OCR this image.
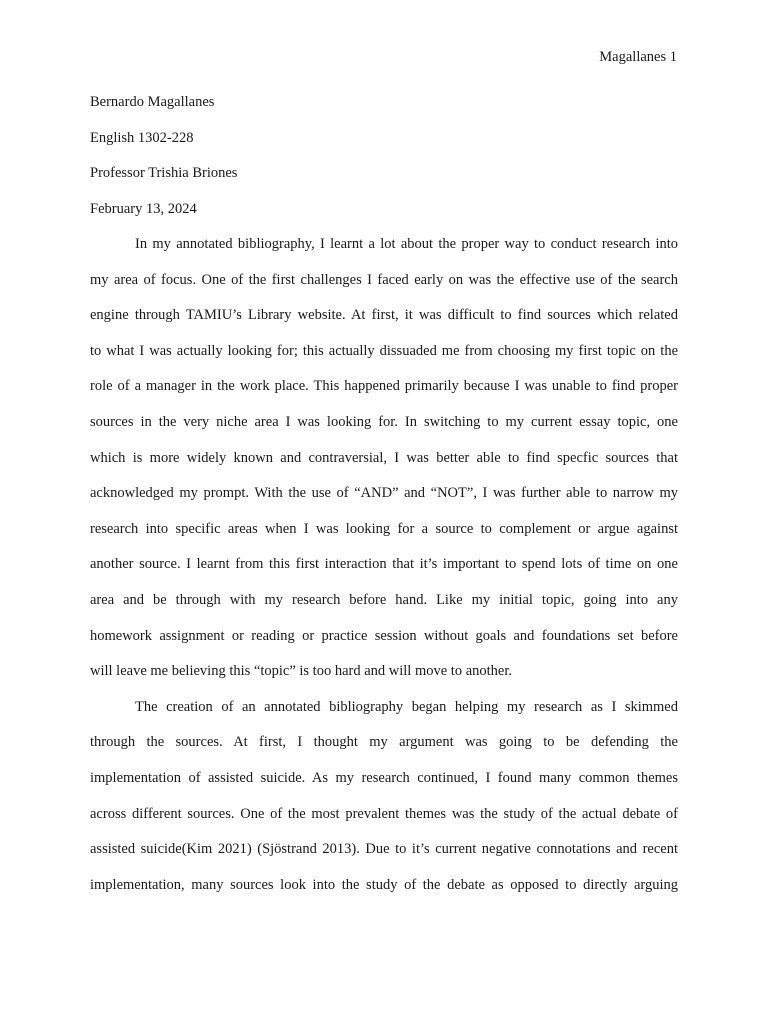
Magallanes 1
Bernardo Magallanes
English 1302-228
Professor Trishia Briones
February 13, 2024
In my annotated bibliography, I learnt a lot about the proper way to conduct research into
my area of focus. One of the first challenges I faced early on was the effective use of the search
engine through TAMIU’s Library website. At first, it was difficult to find sources which related
to what I was actually looking for; this actually dissuaded me from choosing my first topic on the
role of a manager in the work place. This happened primarily because I was unable to find proper
sources in the very niche area I was looking for. In switching to my current essay topic, one
which is more widely known and contraversial, I was better able to find specfic sources that
acknowledged my prompt. With the use of “AND” and “NOT”, I was further able to narrow my
research into specific areas when I was looking for a source to complement or argue against
another source. I learnt from this first interaction that it’s important to spend lots of time on one
area and be through with my research before hand. Like my initial topic, going into any
homework assignment or reading or practice session without goals and foundations set before
will leave me believing this “topic” is too hard and will move to another.
The creation of an annotated bibliography began helping my research as I skimmed
through the sources. At first, I thought my argument was going to be defending the
implementation of assisted suicide. As my research continued, I found many common themes
across different sources. One of the most prevalent themes was the study of the actual debate of
assisted suicide(Kim 2021) (Sjöstrand 2013). Due to it’s current negative connotations and recent
implementation, many sources look into the study of the debate as opposed to directly arguing
